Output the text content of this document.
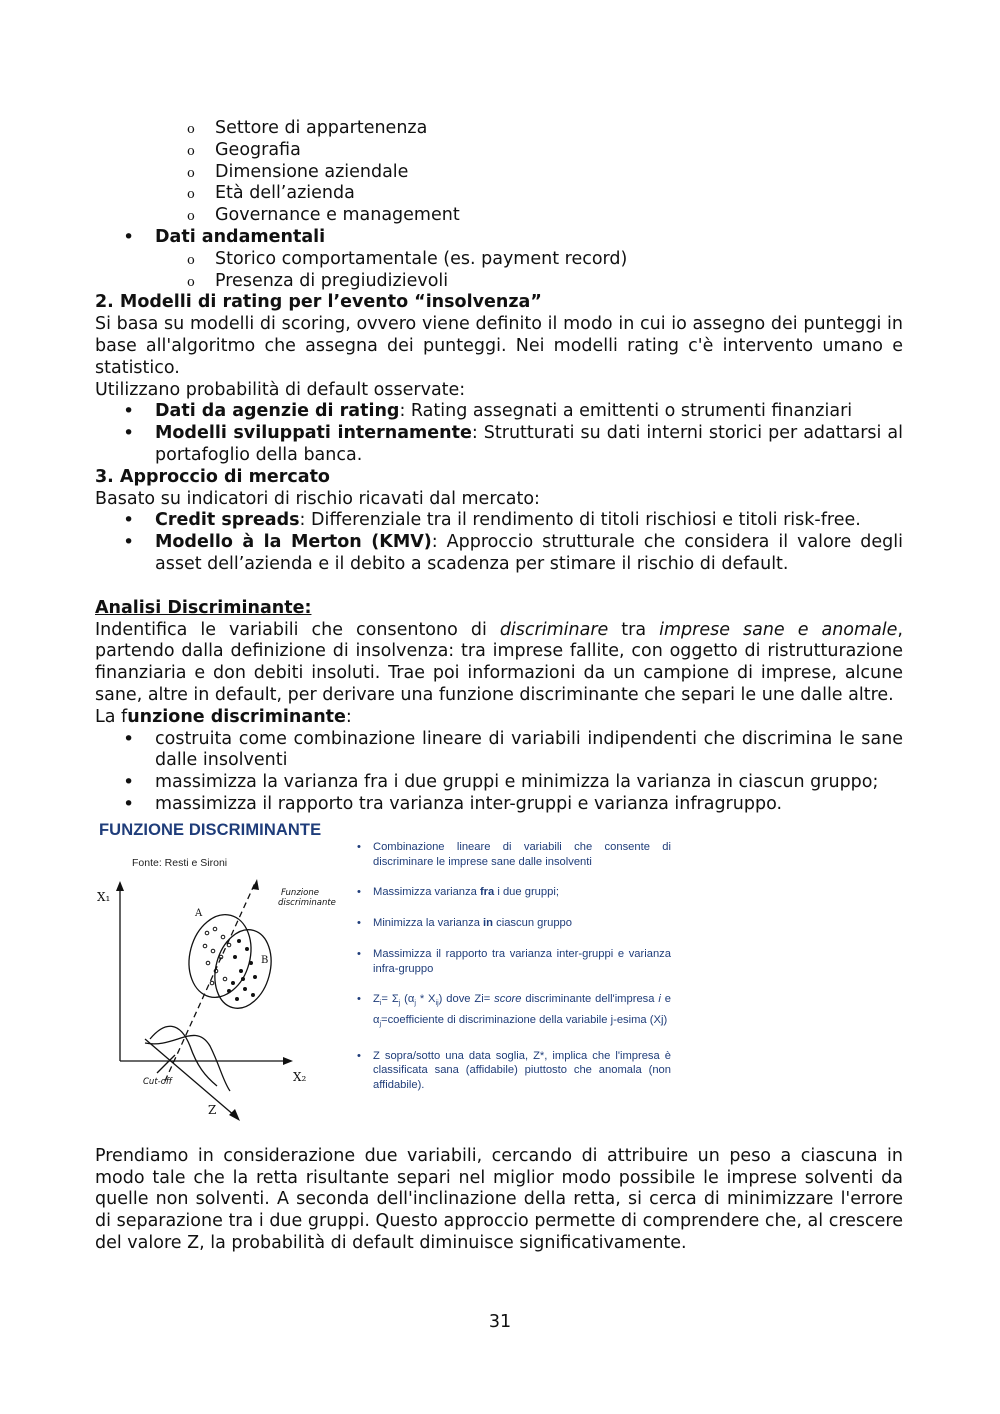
o Settore di appartenenza
o Geografia
o Dimensione aziendale
o Età dell’azienda
o Governance e management
• Dati andamentali
o Storico comportamentale (es. payment record)
o Presenza di pregiudizievoli
2. Modelli di rating per l’evento “insolvenza”
Si basa su modelli di scoring, ovvero viene definito il modo in cui io assegno dei punteggi in base all'algoritmo che assegna dei punteggi. Nei modelli rating c'è intervento umano e statistico.
Utilizzano probabilità di default osservate:
• Dati da agenzie di rating: Rating assegnati a emittenti o strumenti finanziari
• Modelli sviluppati internamente: Strutturati su dati interni storici per adattarsi al portafoglio della banca.
3. Approccio di mercato
Basato su indicatori di rischio ricavati dal mercato:
• Credit spreads: Differenziale tra il rendimento di titoli rischiosi e titoli risk-free.
• Modello à la Merton (KMV): Approccio strutturale che considera il valore degli asset dell’azienda e il debito a scadenza per stimare il rischio di default.
Analisi Discriminante:
Indentifica le variabili che consentono di discriminare tra imprese sane e anomale, partendo dalla definizione di insolvenza: tra imprese fallite, con oggetto di ristrutturazione finanziaria e don debiti insoluti. Trae poi informazioni da un campione di imprese, alcune sane, altre in default, per derivare una funzione discriminante che separi le une dalle altre.
La funzione discriminante:
• costruita come combinazione lineare di variabili indipendenti che discrimina le sane dalle insolventi
• massimizza la varianza fra i due gruppi e minimizza la varianza in ciascun gruppo;
• massimizza il rapporto tra varianza inter-gruppi e varianza infragruppo.
FUNZIONE DISCRIMINANTE
Fonte: Resti e Sironi
X₁
X₂
Z
A
B
Funzione
discriminante
Cut-off
• Combinazione lineare di variabili che consente di discriminare le imprese sane dalle insolventi
• Massimizza varianza fra i due gruppi;
• Minimizza la varianza in ciascun gruppo
• Massimizza il rapporto tra varianza inter-gruppi e varianza infra-gruppo
• $Z_i= \Sigma_j$ $(\alpha_j * X_{ij})$ dove Zi= score discriminante dell'impresa i e $\alpha_j=coefficiente$ di discriminazione della variabile j-esima (Xj)
• Z sopra/sotto una data soglia, Z*, implica che l'impresa è classificata sana (affidabile) piuttosto che anomala (non affidabile).
Prendiamo in considerazione due variabili, cercando di attribuire un peso a ciascuna in modo tale che la retta risultante separi nel miglior modo possibile le imprese solventi da quelle non solventi. A seconda dell'inclinazione della retta, si cerca di minimizzare l'errore di separazione tra i due gruppi. Questo approccio permette di comprendere che, al crescere del valore Z, la probabilità di default diminuisce significativamente.
31
